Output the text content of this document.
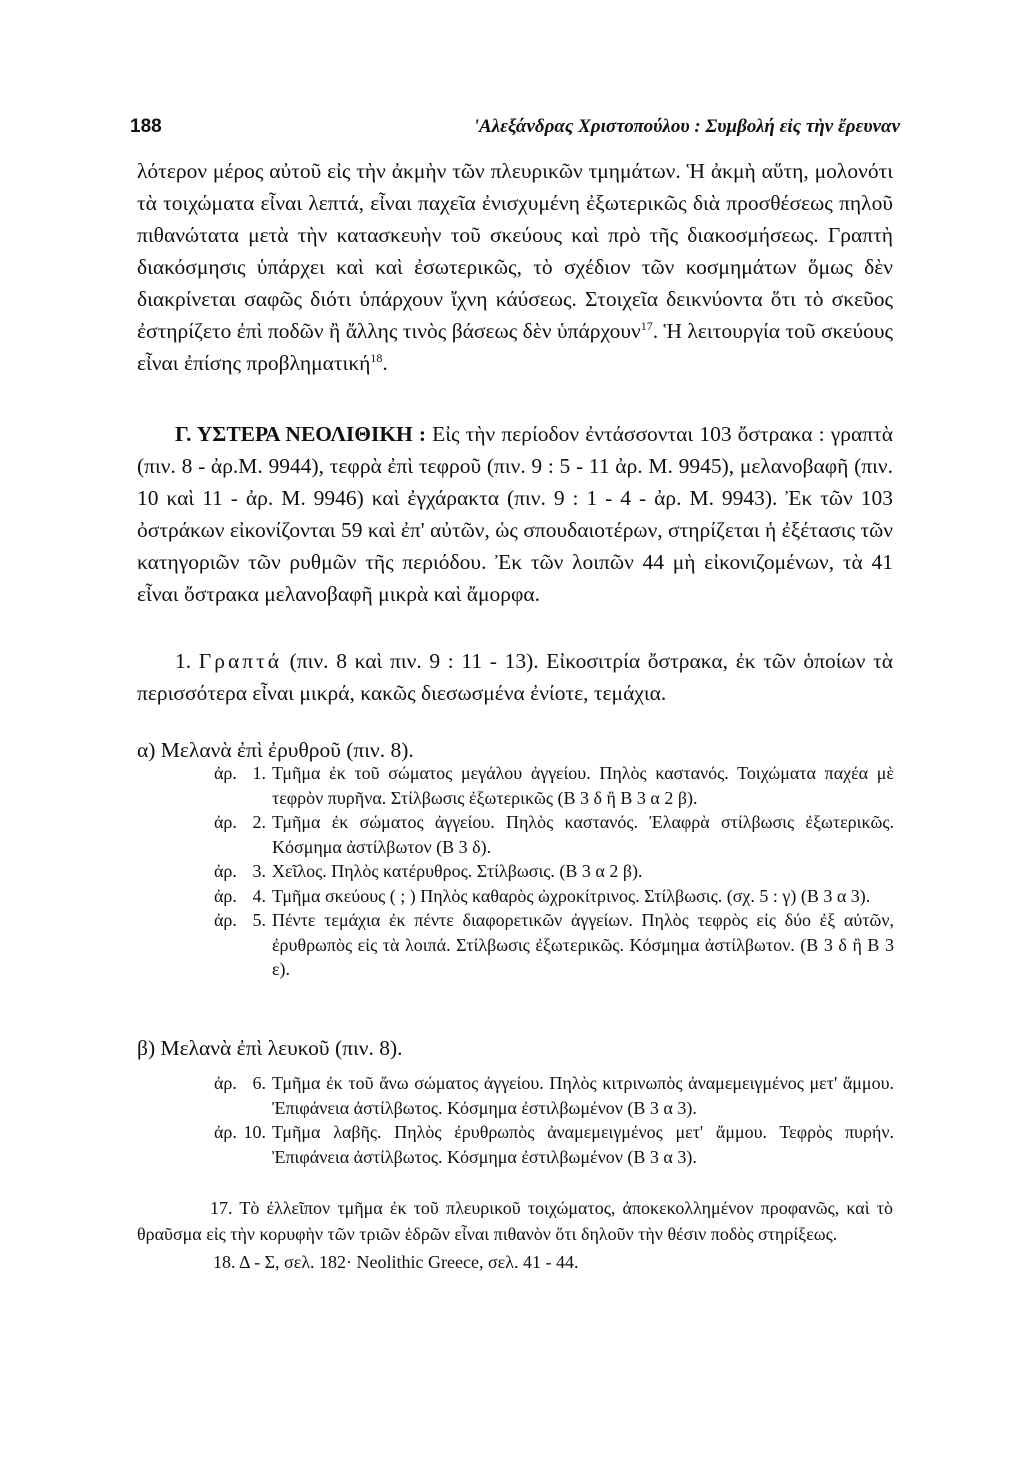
188	'Αλεξάνδρας Χριστοπούλου : Συμβολή εἰς τὴν ἔρευναν
λότερον μέρος αὐτοῦ εἰς τὴν ἀκμὴν τῶν πλευρικῶν τμημάτων. Ἡ ἀκμὴ αὕτη, μολονότι τὰ τοιχώματα εἶναι λεπτά, εἶναι παχεῖα ἐνισχυμένη ἐξωτερικῶς διὰ προσθέσεως πηλοῦ πιθανώτατα μετὰ τὴν κατασκευὴν τοῦ σκεύους καὶ πρὸ τῆς διακοσμήσεως. Γραπτὴ διακόσμησις ὑπάρχει καὶ καὶ ἐσωτερικῶς, τὸ σχέδιον τῶν κοσμημάτων ὅμως δὲν διακρίνεται σαφῶς διότι ὑπάρχουν ἴχνη κάύσεως. Στοιχεῖα δεικνύοντα ὅτι τὸ σκεῦος ἐστηρίζετο ἐπὶ ποδῶν ἢ ἄλλης τινὸς βάσεως δὲν ὑπάρχουν$^{17}$. Ἡ λειτουργία τοῦ σκεύους εἶναι ἐπίσης προβληματική$^{18}$.
Γ. ΥΣΤΕΡΑ ΝΕΟΛΙΘΙΚΗ : Εἰς τὴν περίοδον ἐντάσσονται 103 ὄστρακα : γραπτὰ (πιν. 8 - ἀρ.Μ. 9944), τεφρὰ ἐπὶ τεφροῦ (πιν. 9 : 5 - 11 ἀρ. Μ. 9945), μελανοβαφῆ (πιν. 10 καὶ 11 - ἀρ. Μ. 9946) καὶ ἐγχάρακτα (πιν. 9 : 1 - 4 - ἀρ. Μ. 9943). Ἐκ τῶν 103 ὀστράκων εἰκονίζονται 59 καὶ ἐπ' αὐτῶν, ὡς σπουδαιοτέρων, στηρίζεται ἡ ἐξέτασις τῶν κατηγοριῶν τῶν ρυθμῶν τῆς περιόδου. Ἐκ τῶν λοιπῶν 44 μὴ εἰκονιζομένων, τὰ 41 εἶναι ὄστρακα μελανοβαφῆ μικρὰ καὶ ἄμορφα.
1. Γραπτά (πιν. 8 καὶ πιν. 9 : 11 - 13). Εἰκοσιτρία ὄστρακα, ἐκ τῶν ὁποίων τὰ περισσότερα εἶναι μικρά, κακῶς διεσωσμένα ἐνίοτε, τεμάχια.
α) Μελανὰ ἐπὶ ἐρυθροῦ (πιν. 8).
ἀρ. 1. Τμῆμα ἐκ τοῦ σώματος μεγάλου ἀγγείου. Πηλὸς καστανός. Τοιχώματα παχέα μὲ τεφρὸν πυρῆνα. Στίλβωσις ἐξωτερικῶς (Β 3 δ ἢ Β 3 α 2 β).
ἀρ. 2. Τμῆμα ἐκ σώματος ἀγγείου. Πηλὸς καστανός. Ἐλαφρὰ στίλβωσις ἐξωτερικῶς. Κόσμημα ἀστίλβωτον (Β 3 δ).
ἀρ. 3. Χεῖλος. Πηλὸς κατέρυθρος. Στίλβωσις. (Β 3 α 2 β).
ἀρ. 4. Τμῆμα σκεύους ( ; ) Πηλὸς καθαρὸς ὠχροκίτρινος. Στίλβωσις. (σχ. 5 : γ) (Β 3 α 3).
ἀρ. 5. Πέντε τεμάχια ἐκ πέντε διαφορετικῶν ἀγγείων. Πηλὸς τεφρὸς εἰς δύο ἐξ αὐτῶν, ἐρυθρωπὸς εἰς τὰ λοιπά. Στίλβωσις ἐξωτερικῶς. Κόσμημα ἀστίλβωτον. (Β 3 δ ἢ Β 3 ε).
β) Μελανὰ ἐπὶ λευκοῦ (πιν. 8).
ἀρ. 6. Τμῆμα ἐκ τοῦ ἄνω σώματος ἀγγείου. Πηλὸς κιτρινωπὸς ἀναμεμειγμένος μετ' ἄμμου. Ἐπιφάνεια ἀστίλβωτος. Κόσμημα ἐστιλβωμένον (Β 3 α 3).
ἀρ. 10. Τμῆμα λαβῆς. Πηλὸς ἐρυθρωπὸς ἀναμεμειγμένος μετ' ἄμμου. Τεφρὸς πυρήν. Ἐπιφάνεια ἀστίλβωτος. Κόσμημα ἐστιλβωμένον (Β 3 α 3).
17. Τὸ ἐλλεῖπον τμῆμα ἐκ τοῦ πλευρικοῦ τοιχώματος, ἀποκεκολλημένον προφανῶς, καὶ τὸ θραῦσμα εἰς τὴν κορυφὴν τῶν τριῶν ἑδρῶν εἶναι πιθανὸν ὅτι δηλοῦν τὴν θέσιν ποδὸς στηρίξεως.
18. Δ - Σ, σελ. 182· Neolithic Greece, σελ. 41 - 44.
